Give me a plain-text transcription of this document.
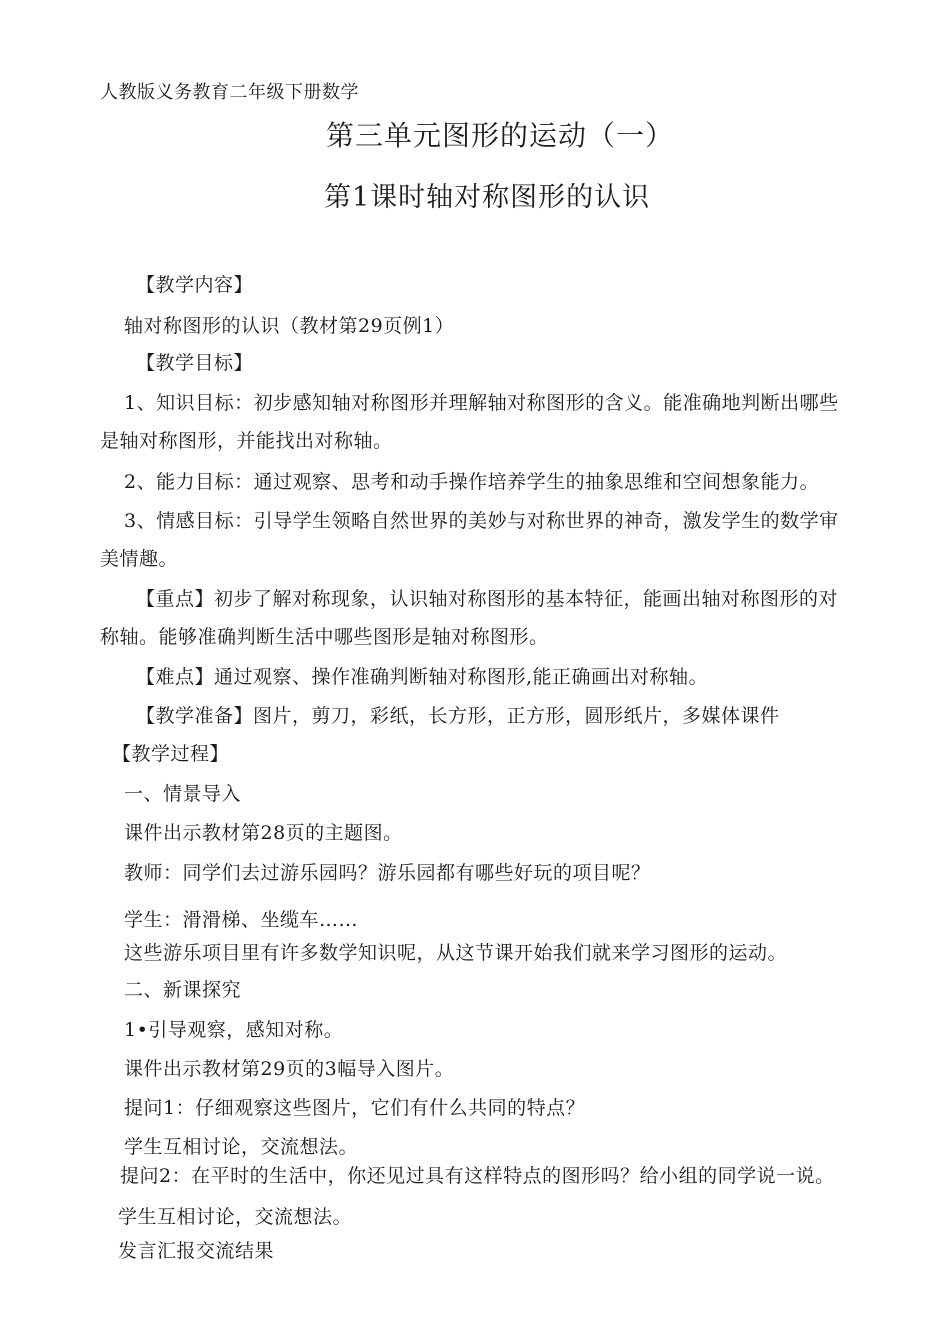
人教版义务教育二年级下册数学
第三单元图形的运动（一）
第1课时轴对称图形的认识
【教学内容】
轴对称图形的认识（教材第29页例1）
【教学目标】
1、知识目标：初步感知轴对称图形并理解轴对称图形的含义。能准确地判断出哪些
是轴对称图形，并能找出对称轴。
2、能力目标：通过观察、思考和动手操作培养学生的抽象思维和空间想象能力。
3、情感目标：引导学生领略自然世界的美妙与对称世界的神奇，激发学生的数学审
美情趣。
【重点】初步了解对称现象，认识轴对称图形的基本特征，能画出轴对称图形的对
称轴。能够准确判断生活中哪些图形是轴对称图形。
【难点】通过观察、操作准确判断轴对称图形,能正确画出对称轴。
【教学准备】图片，剪刀，彩纸，长方形，正方形，圆形纸片，多媒体课件
【教学过程】
一、情景导入
课件出示教材第28页的主题图。
教师：同学们去过游乐园吗？游乐园都有哪些好玩的项目呢？
学生：滑滑梯、坐缆车……
这些游乐项目里有许多数学知识呢，从这节课开始我们就来学习图形的运动。
二、新课探究
1•引导观察，感知对称。
课件出示教材第29页的3幅导入图片。
提问1：仔细观察这些图片，它们有什么共同的特点？
学生互相讨论，交流想法。
提问2：在平时的生活中，你还见过具有这样特点的图形吗？给小组的同学说一说。
学生互相讨论，交流想法。
发言汇报交流结果
